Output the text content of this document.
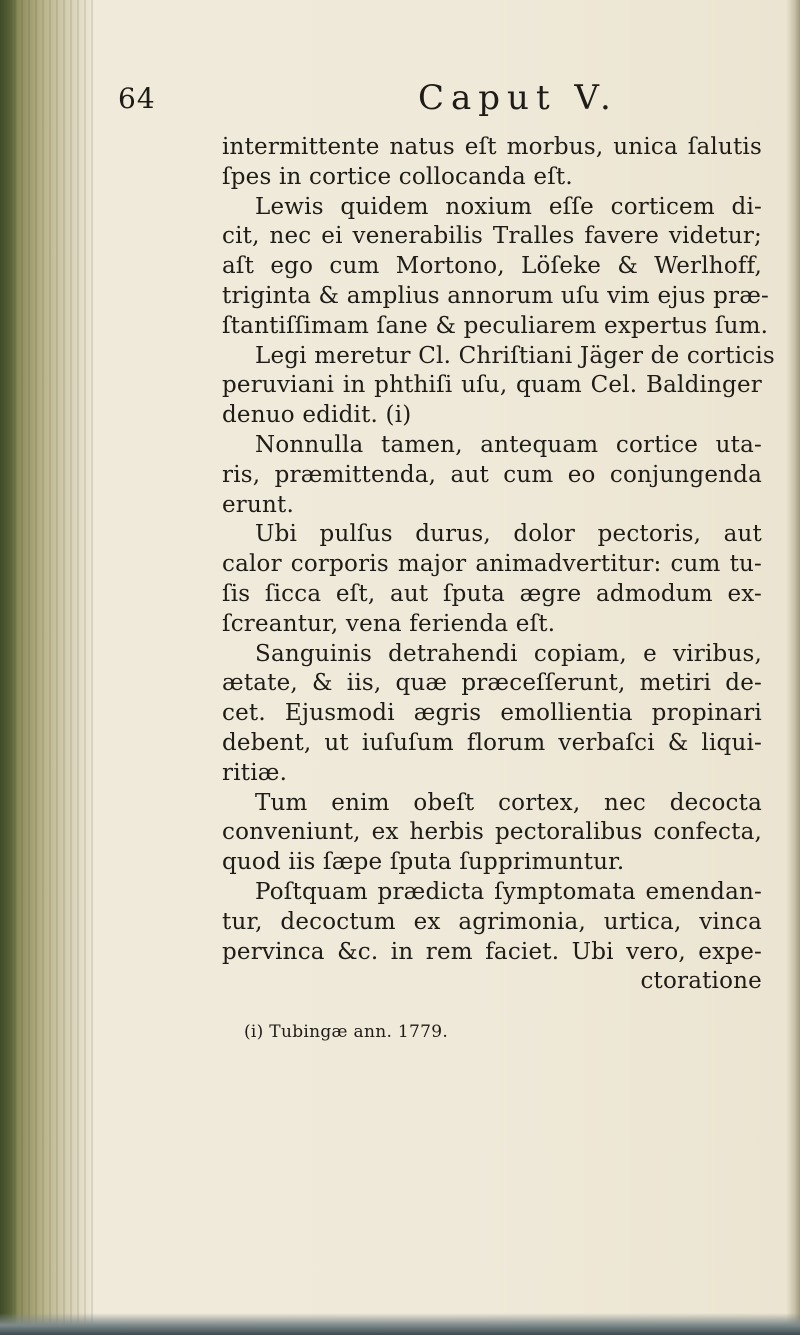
64	Caput V.
intermittente natus eſt morbus, unica ſalutis
ſpes in cortice collocanda eſt.
Lewis quidem noxium eſſe corticem di-
cit, nec ei venerabilis Tralles favere videtur;
aſt ego cum Mortono, Löſeke & Werlhoff,
triginta & amplius annorum uſu vim ejus præ-
ſtantiſſimam ſane & peculiarem expertus ſum.
Legi meretur Cl. Chriſtiani Jäger de corticis
peruviani in phthiſi uſu, quam Cel. Baldinger
denuo edidit. (i)
Nonnulla tamen, antequam cortice uta-
ris, præmittenda, aut cum eo conjungenda
erunt.
Ubi pulſus durus, dolor pectoris, aut
calor corporis major animadvertitur: cum tu-
ſis ſicca eſt, aut ſputa ægre admodum ex-
ſcreantur, vena ferienda eſt.
Sanguinis detrahendi copiam, e viribus,
ætate, & iis, quæ præceſſerunt, metiri de-
cet. Ejusmodi ægris emollientia propinari
debent, ut iuſuſum florum verbaſci & liqui-
ritiæ.
Tum enim obeſt cortex, nec decocta
conveniunt, ex herbis pectoralibus confecta,
quod iis ſæpe ſputa ſupprimuntur.
Poſtquam prædicta ſymptomata emendan-
tur, decoctum ex agrimonia, urtica, vinca
pervinca &c. in rem faciet. Ubi vero, expe-
ctoratione
(i) Tubingæ ann. 1779.
